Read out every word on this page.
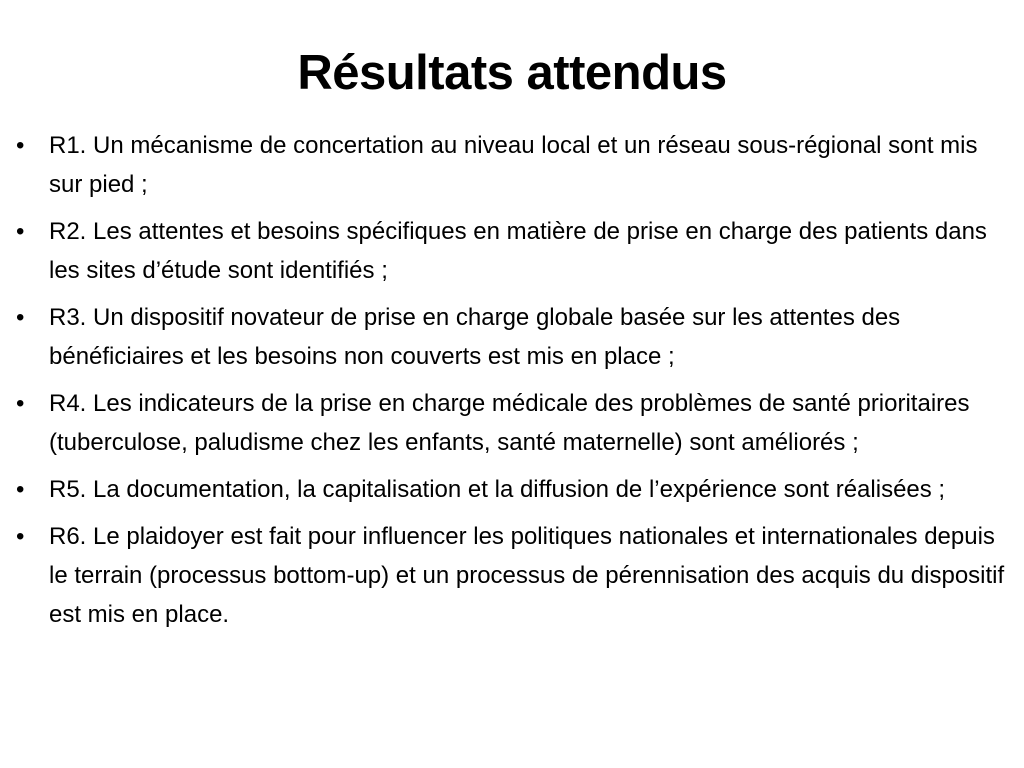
Résultats attendus
•	R1. Un mécanisme de concertation au niveau local et un réseau sous-régional sont mis sur pied ;
•	R2. Les attentes et besoins spécifiques en matière de prise en charge des patients dans les sites d’étude sont identifiés ;
•	R3. Un dispositif novateur de prise en charge globale basée sur les attentes des bénéficiaires et les besoins non couverts est mis en place ;
•	R4. Les indicateurs de la prise en charge médicale des problèmes de santé prioritaires (tuberculose, paludisme chez les enfants, santé maternelle) sont améliorés ;
•	R5. La documentation, la capitalisation et la diffusion de l’expérience sont réalisées ;
•	R6. Le plaidoyer est fait pour influencer les politiques nationales et internationales depuis le terrain (processus bottom-up) et un processus de pérennisation des acquis du dispositif est mis en place.
